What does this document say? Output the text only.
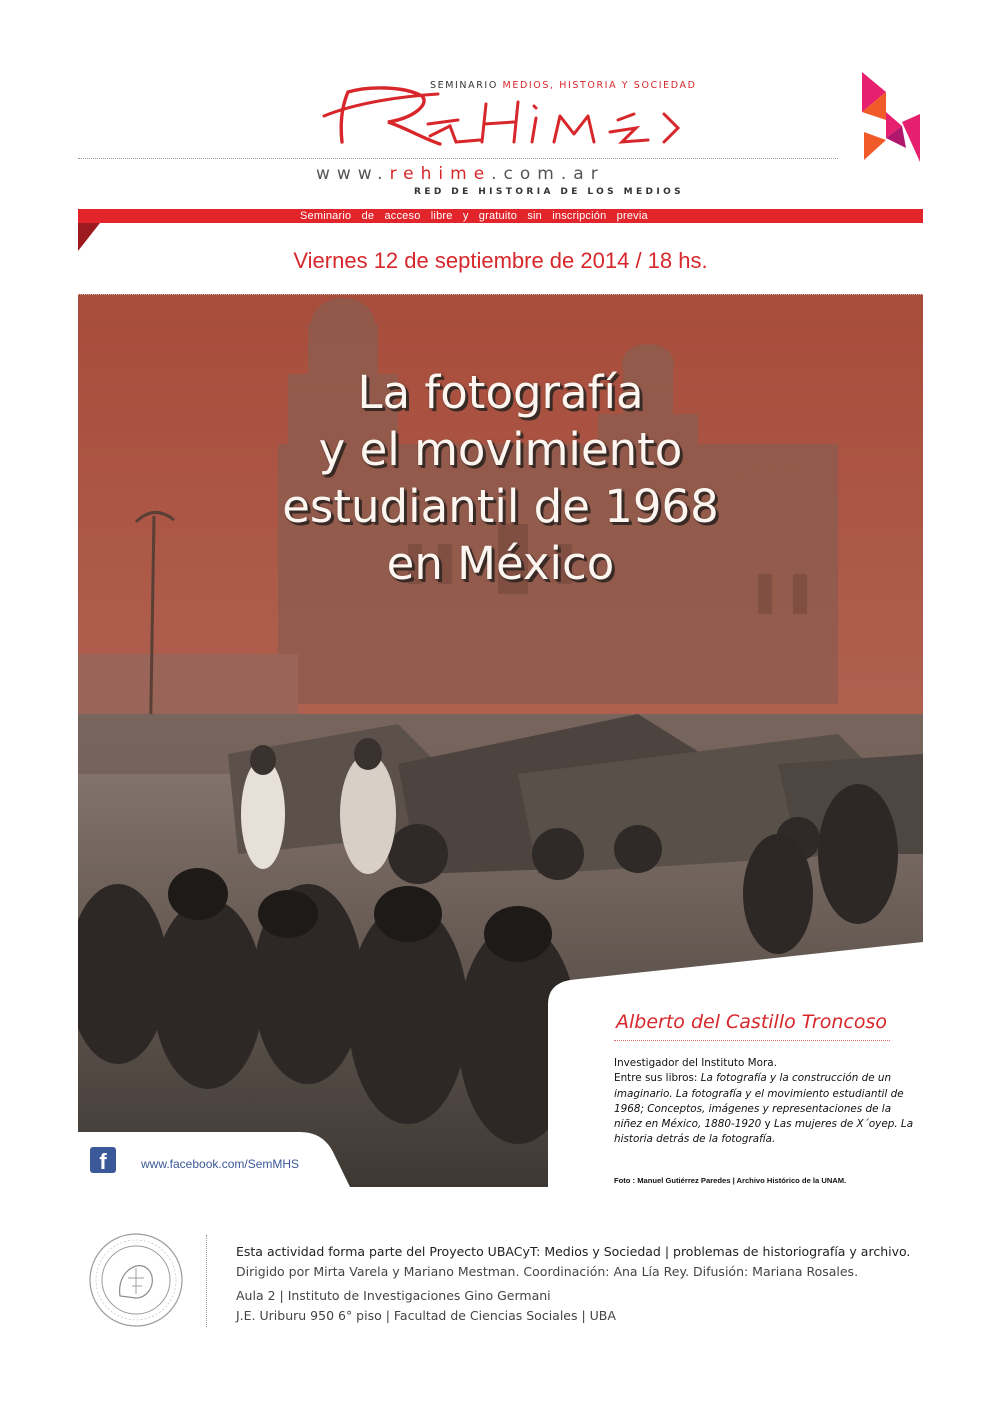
SEMINARIO MEDIOS, HISTORIA Y SOCIEDAD
www.rehime.com.ar
RED DE HISTORIA DE LOS MEDIOS
Seminario de acceso libre y gratuito sin inscripción previa
Viernes 12 de septiembre de 2014 / 18 hs.
La fotografía
y el movimiento
estudiantil de 1968
en México
Alberto del Castillo Troncoso
Investigador del Instituto Mora.
Entre sus libros: La fotografía y la construcción de un imaginario. La fotografía y el movimiento estudiantil de 1968; Conceptos, imágenes y representaciones de la niñez en México, 1880-1920 y Las mujeres de X´oyep. La historia detrás de la fotografía.
Foto : Manuel Gutiérrez Paredes | Archivo Histórico de la UNAM.
f	www.facebook.com/SemMHS
Esta actividad forma parte del Proyecto UBACyT: Medios y Sociedad | problemas de historiografía y archivo.
Dirigido por Mirta Varela y Mariano Mestman. Coordinación: Ana Lía Rey. Difusión: Mariana Rosales.
Aula 2 | Instituto de Investigaciones Gino Germani
J.E. Uriburu 950 6° piso | Facultad de Ciencias Sociales | UBA
